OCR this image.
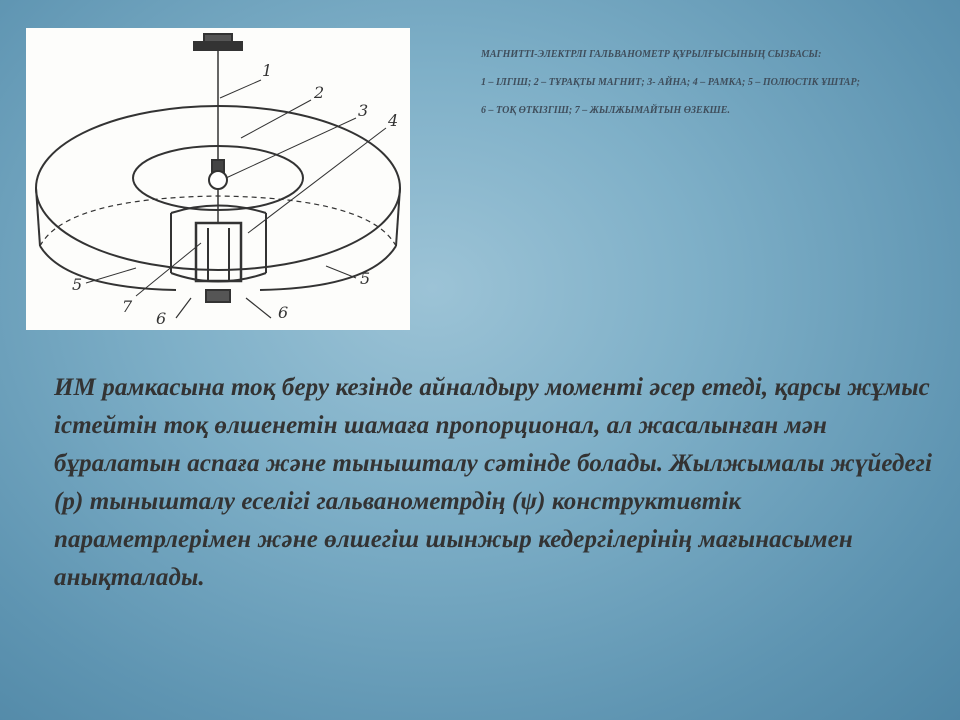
1
2
3
4
5	5
6	6
7

МАГНИТТІ-ЭЛЕКТРЛІ ГАЛЬВАНОМЕТР ҚҰРЫЛҒЫСЫНЫҢ СЫЗБАСЫ:

1 – ІЛГІШ; 2 – ТҰРАҚТЫ МАГНИТ; 3- АЙНА; 4 – РАМКА; 5 – ПОЛЮСТІК ҰШТАР;

6 – ТОҚ ӨТКІЗГІШ; 7 – ЖЫЛЖЫМАЙТЫН ӨЗЕКШЕ.

ИМ рамкасына тоқ беру кезінде айналдыру моменті әсер етеді, қарсы жұмыс істейтін тоқ өлшенетін шамаға пропорционал, ал жасалынған мән бұралатын аспаға және тынышталу сәтінде болады. Жылжымалы жүйедегі (р) тынышталу еселігі гальванометрдің (ψ) конструктивтік параметрлерімен және өлшегіш шынжыр кедергілерінің мағынасымен анықталады.
